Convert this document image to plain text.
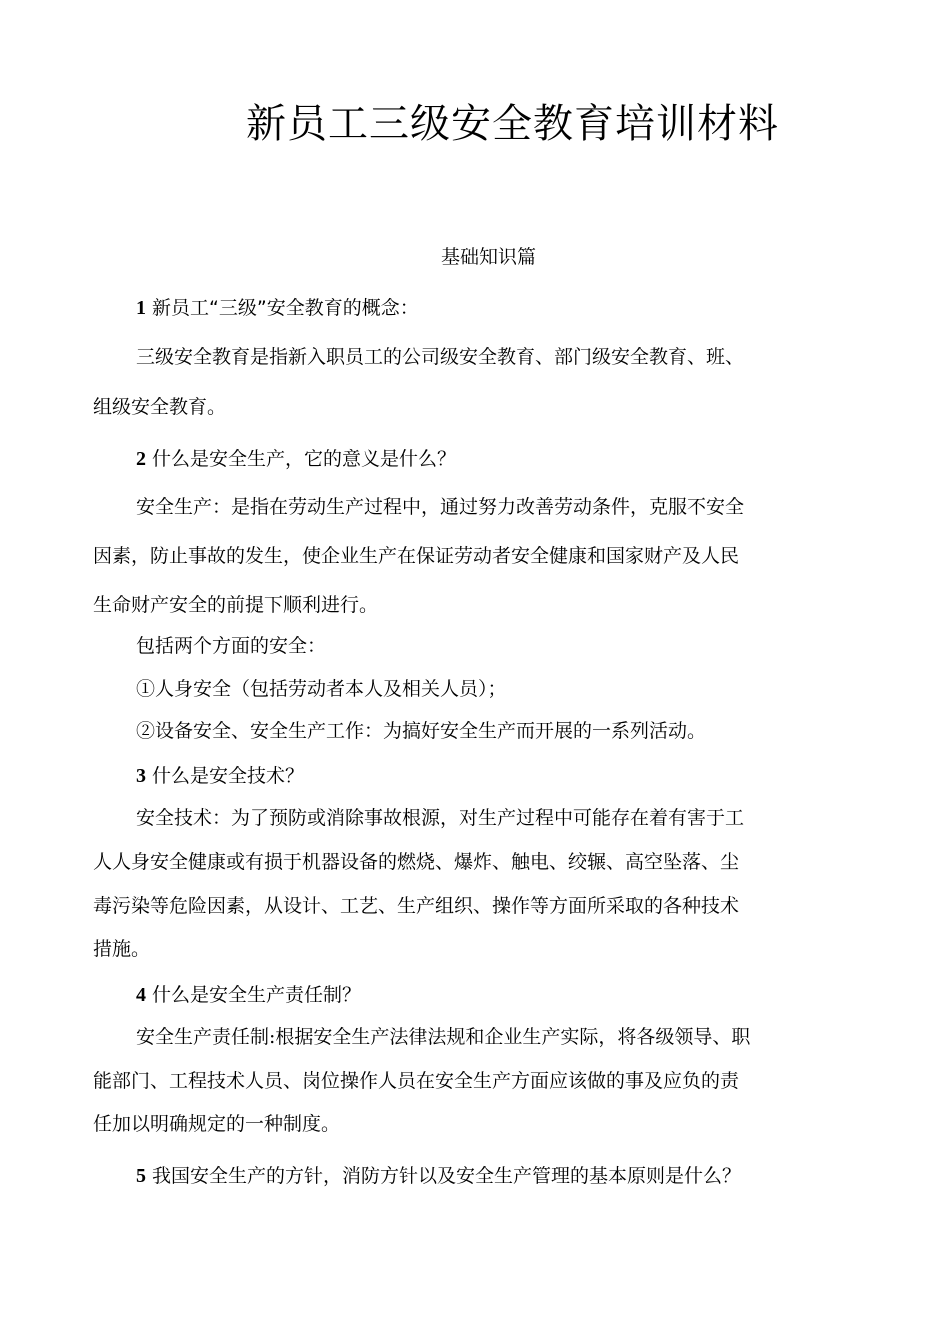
新员工三级安全教育培训材料
基础知识篇

1 新员工“三级”安全教育的概念：

三级安全教育是指新入职员工的公司级安全教育、部门级安全教育、班、

组级安全教育。

2 什么是安全生产，它的意义是什么？

安全生产：是指在劳动生产过程中，通过努力改善劳动条件，克服不安全

因素，防止事故的发生，使企业生产在保证劳动者安全健康和国家财产及人民

生命财产安全的前提下顺利进行。

包括两个方面的安全：

①人身安全（包括劳动者本人及相关人员）；

②设备安全、安全生产工作：为搞好安全生产而开展的一系列活动。

3 什么是安全技术？

安全技术：为了预防或消除事故根源，对生产过程中可能存在着有害于工

人人身安全健康或有损于机器设备的燃烧、爆炸、触电、绞辗、高空坠落、尘

毒污染等危险因素，从设计、工艺、生产组织、操作等方面所采取的各种技术

措施。

4 什么是安全生产责任制？

安全生产责任制:根据安全生产法律法规和企业生产实际，将各级领导、职

能部门、工程技术人员、岗位操作人员在安全生产方面应该做的事及应负的责

任加以明确规定的一种制度。

5 我国安全生产的方针，消防方针以及安全生产管理的基本原则是什么？
